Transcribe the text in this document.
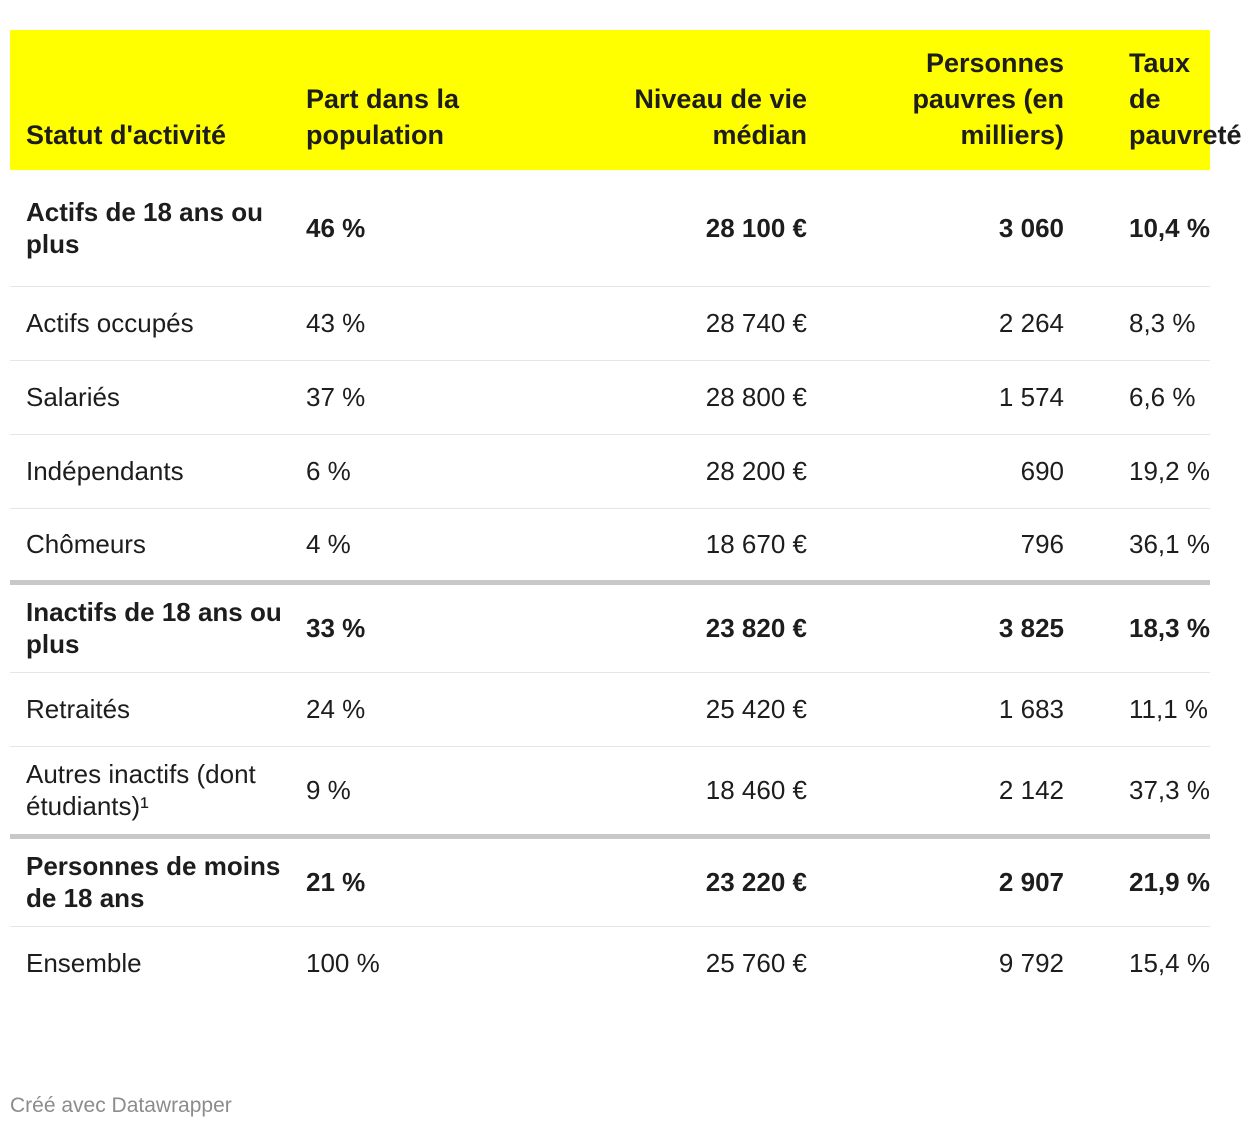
Statut d'activité	Part dans la population	Niveau de vie médian	Personnes pauvres (en milliers)	Taux de pauvreté
Actifs de 18 ans ou plus	46 %	28 100 €	3 060	10,4 %
Actifs occupés	43 %	28 740 €	2 264	8,3 %
Salariés	37 %	28 800 €	1 574	6,6 %
Indépendants	6 %	28 200 €	690	19,2 %
Chômeurs	4 %	18 670 €	796	36,1 %
Inactifs de 18 ans ou plus	33 %	23 820 €	3 825	18,3 %
Retraités	24 %	25 420 €	1 683	11,1 %
Autres inactifs (dont étudiants)¹	9 %	18 460 €	2 142	37,3 %
Personnes de moins de 18 ans	21 %	23 220 €	2 907	21,9 %
Ensemble	100 %	25 760 €	9 792	15,4 %
Créé avec Datawrapper
